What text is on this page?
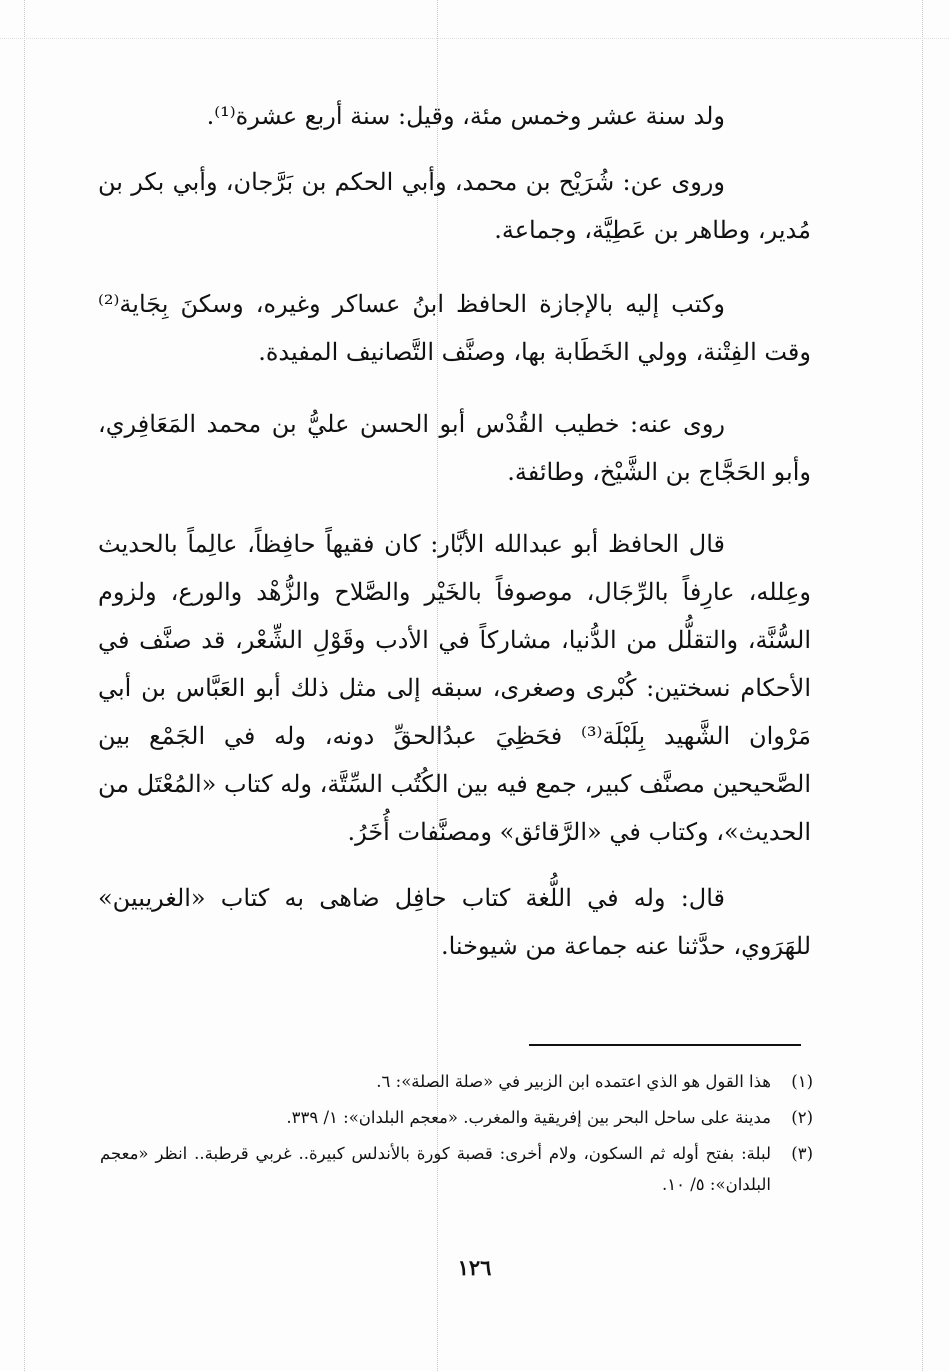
ولد سنة عشر وخمس مئة، وقيل: سنة أربع عشرة⁽¹⁾.

وروى عن: شُرَيْح بن محمد، وأبي الحكم بن بَرَّجان، وأبي بكر بن مُدير، وطاهر بن عَطِيَّة، وجماعة.

وكتب إليه بالإجازة الحافظ ابنُ عساكر وغيره، وسكنَ بِجَاية⁽²⁾ وقت الفِتْنة، وولي الخَطَابة بها، وصنَّف التَّصانيف المفيدة.

روى عنه: خطيب القُدْس أبو الحسن عليُّ بن محمد المَعَافِري، وأبو الحَجَّاج بن الشَّيْخ، وطائفة.

قال الحافظ أبو عبدالله الأبَّار: كان فقيهاً حافِظاً، عالِماً بالحديث وعِلله، عارِفاً بالرِّجَال، موصوفاً بالخَيْر والصَّلاح والزُّهْد والورع، ولزوم السُّنَّة، والتقلُّل من الدُّنيا، مشاركاً في الأدب وقَوْلِ الشِّعْر، قد صنَّف في الأحكام نسختين: كُبْرى وصغرى، سبقه إلى مثل ذلك أبو العَبَّاس بن أبي مَرْوان الشَّهيد بِلَبْلَة⁽³⁾ فحَظِيَ عبدُالحقِّ دونه، وله في الجَمْع بين الصَّحيحين مصنَّف كبير، جمع فيه بين الكُتُب السِّتَّة، وله كتاب «المُعْتَل من الحديث»، وكتاب في «الرَّقائق» ومصنَّفات أُخَرُ.

قال: وله في اللُّغة كتاب حافِل ضاهى به كتاب «الغريبين» للهَرَوي، حدَّثنا عنه جماعة من شيوخنا.

(١)
هذا القول هو الذي اعتمده ابن الزبير في «صلة الصلة»: ٦.

(٢)
مدينة على ساحل البحر بين إفريقية والمغرب. «معجم البلدان»: ١/ ٣٣٩.

(٣)
لبلة: بفتح أوله ثم السكون، ولام أخرى: قصبة كورة بالأندلس كبيرة.. غربي قرطبة.. انظر «معجم البلدان»: ٥/ ١٠.

١٢٦
